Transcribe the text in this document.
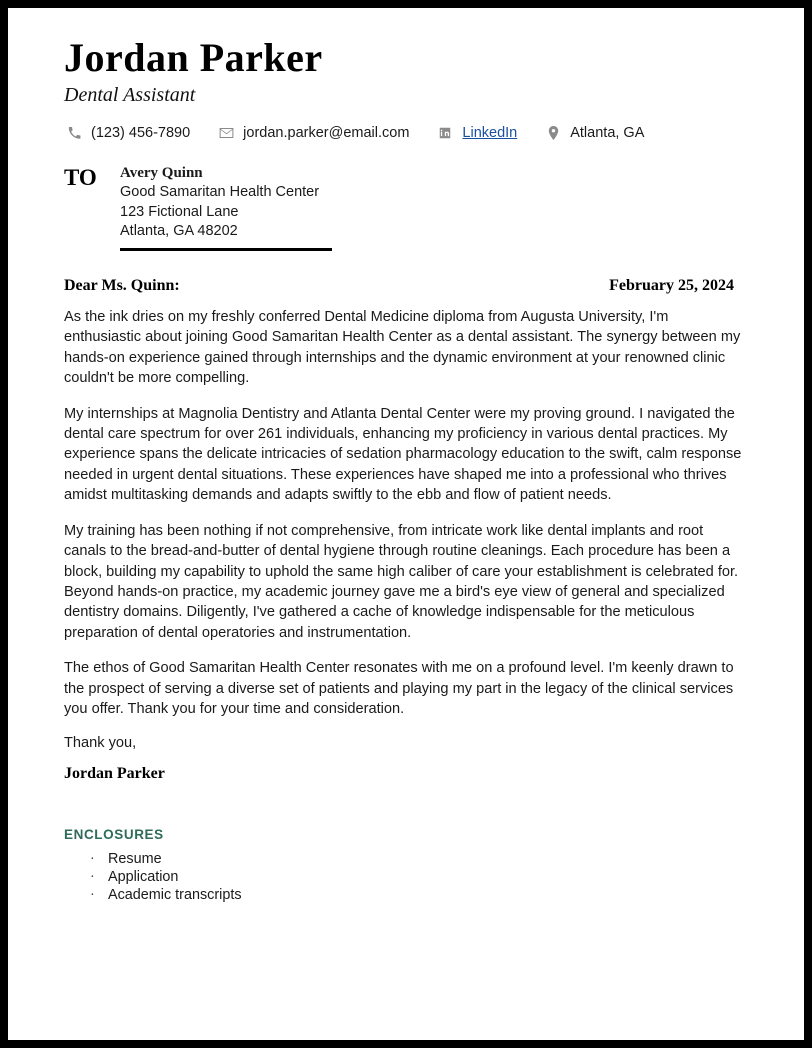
Jordan Parker
Dental Assistant
(123) 456-7890	jordan.parker@email.com	LinkedIn	Atlanta, GA
TO	Avery Quinn
Good Samaritan Health Center
123 Fictional Lane
Atlanta, GA 48202
Dear Ms. Quinn:	February 25, 2024

As the ink dries on my freshly conferred Dental Medicine diploma from Augusta University, I'm enthusiastic about joining Good Samaritan Health Center as a dental assistant. The synergy between my hands-on experience gained through internships and the dynamic environment at your renowned clinic couldn't be more compelling.

My internships at Magnolia Dentistry and Atlanta Dental Center were my proving ground. I navigated the dental care spectrum for over 261 individuals, enhancing my proficiency in various dental practices. My experience spans the delicate intricacies of sedation pharmacology education to the swift, calm response needed in urgent dental situations. These experiences have shaped me into a professional who thrives amidst multitasking demands and adapts swiftly to the ebb and flow of patient needs.

My training has been nothing if not comprehensive, from intricate work like dental implants and root canals to the bread-and-butter of dental hygiene through routine cleanings. Each procedure has been a block, building my capability to uphold the same high caliber of care your establishment is celebrated for. Beyond hands-on practice, my academic journey gave me a bird's eye view of general and specialized dentistry domains. Diligently, I've gathered a cache of knowledge indispensable for the meticulous preparation of dental operatories and instrumentation.

The ethos of Good Samaritan Health Center resonates with me on a profound level. I'm keenly drawn to the prospect of serving a diverse set of patients and playing my part in the legacy of the clinical services you offer. Thank you for your time and consideration.

Thank you,

Jordan Parker

ENCLOSURES
· Resume
· Application
· Academic transcripts
